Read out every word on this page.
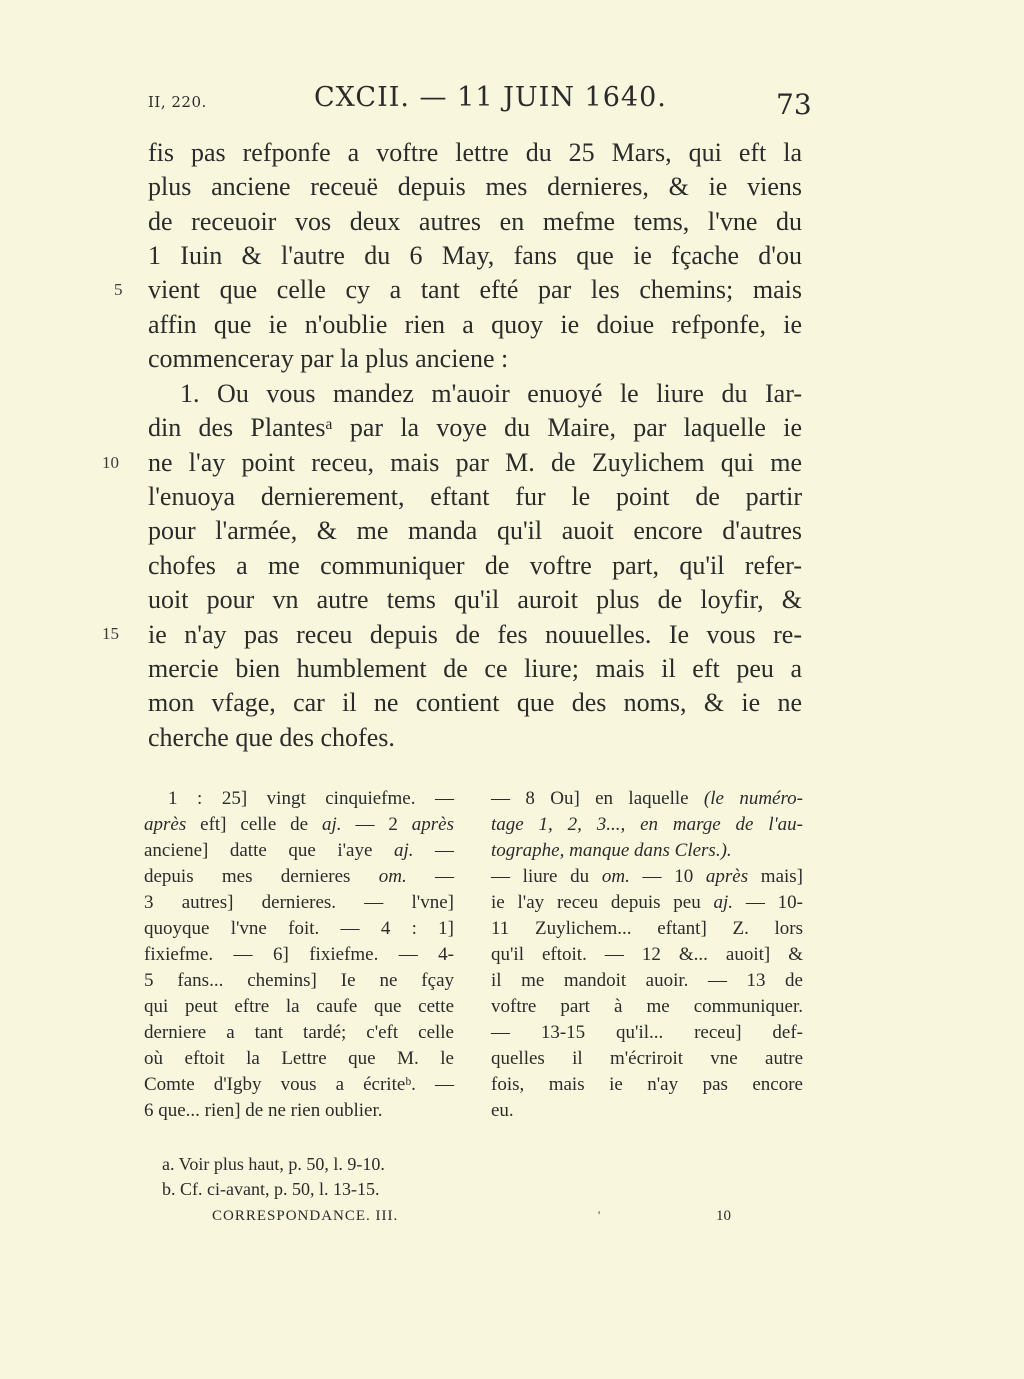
II, 220.	CXCII. — 11 JUIN 1640.	73
fis pas refponfe a voftre lettre du 25 Mars, qui eft la
plus anciene receuë depuis mes dernieres, & ie viens
de receuoir vos deux autres en mefme tems, l'vne du
1 Iuin & l'autre du 6 May, fans que ie fçache d'ou
vient que celle cy a tant efté par les chemins; mais
affin que ie n'oublie rien a quoy ie doiue refponfe, ie
commenceray par la plus anciene :
1. Ou vous mandez m'auoir enuoyé le liure du Iar-
din des Plantesᵃ par la voye du Maire, par laquelle ie
ne l'ay point receu, mais par M. de Zuylichem qui me
l'enuoya dernierement, eftant fur le point de partir
pour l'armée, & me manda qu'il auoit encore d'autres
chofes a me communiquer de voftre part, qu'il refer-
uoit pour vn autre tems qu'il auroit plus de loyfir, &
ie n'ay pas receu depuis de fes nouuelles. Ie vous re-
mercie bien humblement de ce liure; mais il eft peu a
mon vfage, car il ne contient que des noms, & ie ne
cherche que des chofes.
5
10
15
1 : 25] vingt cinquiefme. —
après eft] celle de aj. — 2 après
anciene] datte que i'aye aj. —
depuis mes dernieres om. —
3 autres] dernieres. — l'vne]
quoyque l'vne foit. — 4 : 1]
fixiefme. — 6] fixiefme. — 4-
5 fans... chemins] Ie ne fçay
qui peut eftre la caufe que cette
derniere a tant tardé; c'eft celle
où eftoit la Lettre que M. le
Comte d'Igby vous a écriteᵇ. —
6 que... rien] de ne rien oublier.
— 8 Ou] en laquelle (le numéro-
tage 1, 2, 3..., en marge de l'au-
tographe, manque dans Clers.).
— liure du om. — 10 après mais]
ie l'ay receu depuis peu aj. — 10-
11 Zuylichem... eftant] Z. lors
qu'il eftoit. — 12 &... auoit] &
il me mandoit auoir. — 13 de
voftre part à me communiquer.
— 13-15 qu'il... receu] def-
quelles il m'écriroit vne autre
fois, mais ie n'ay pas encore
eu.
a. Voir plus haut, p. 50, l. 9-10.
b. Cf. ci-avant, p. 50, l. 13-15.
CORRESPONDANCE. III.	'	10
